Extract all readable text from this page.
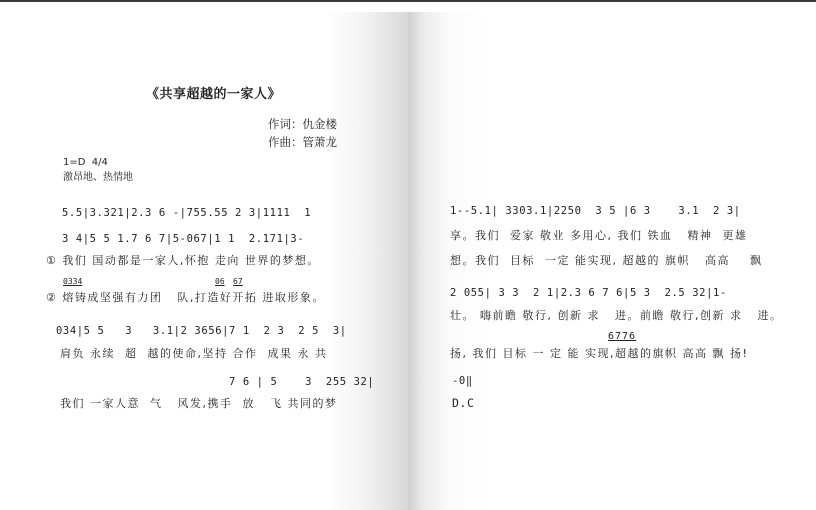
《共享超越的一家人》
作词：仇金楼
作曲：管萧龙
1=D  4/4
激昂地、热情地
5.5|3.321|2.3 6 -|755.55 2 3|1111  1
3 4|5 5 1.7 6 7|5-067|1 1  2.171|3-
① 我们 国动都是一家人,怀抱 走向 世界的梦想。
0334	06 67
② 熔铸成坚强有力团   队,打造好开拓 进取形象。
034|5 5   3   3.1|2 3656|7 1  2 3  2 5  3|
肩负 永续  超  越的使命,坚持 合作  成果 永 共
7 6 | 5    3  255 32|
我们 一家人意  气   风发,携手  放   飞 共同的梦
1--5.1| 3303.1|2250  3 5 |6 3    3.1  2 3|
享。我们  爱家 敬业 多用心, 我们 铁血   精神  更雄
想。我们  目标  一定 能实现, 超越的 旗帜   高高    飘
2 055| 3 3  2 1|2.3 6 7 6|5 3  2.5 32|1-
壮。 嗨前瞻 敬行, 创新 求   进。前瞻 敬行,创新 求   进。
6776
扬, 我们 目标 一 定 能 实现,超越的旗帜 高高 飘 扬!
-0‖
D.C
